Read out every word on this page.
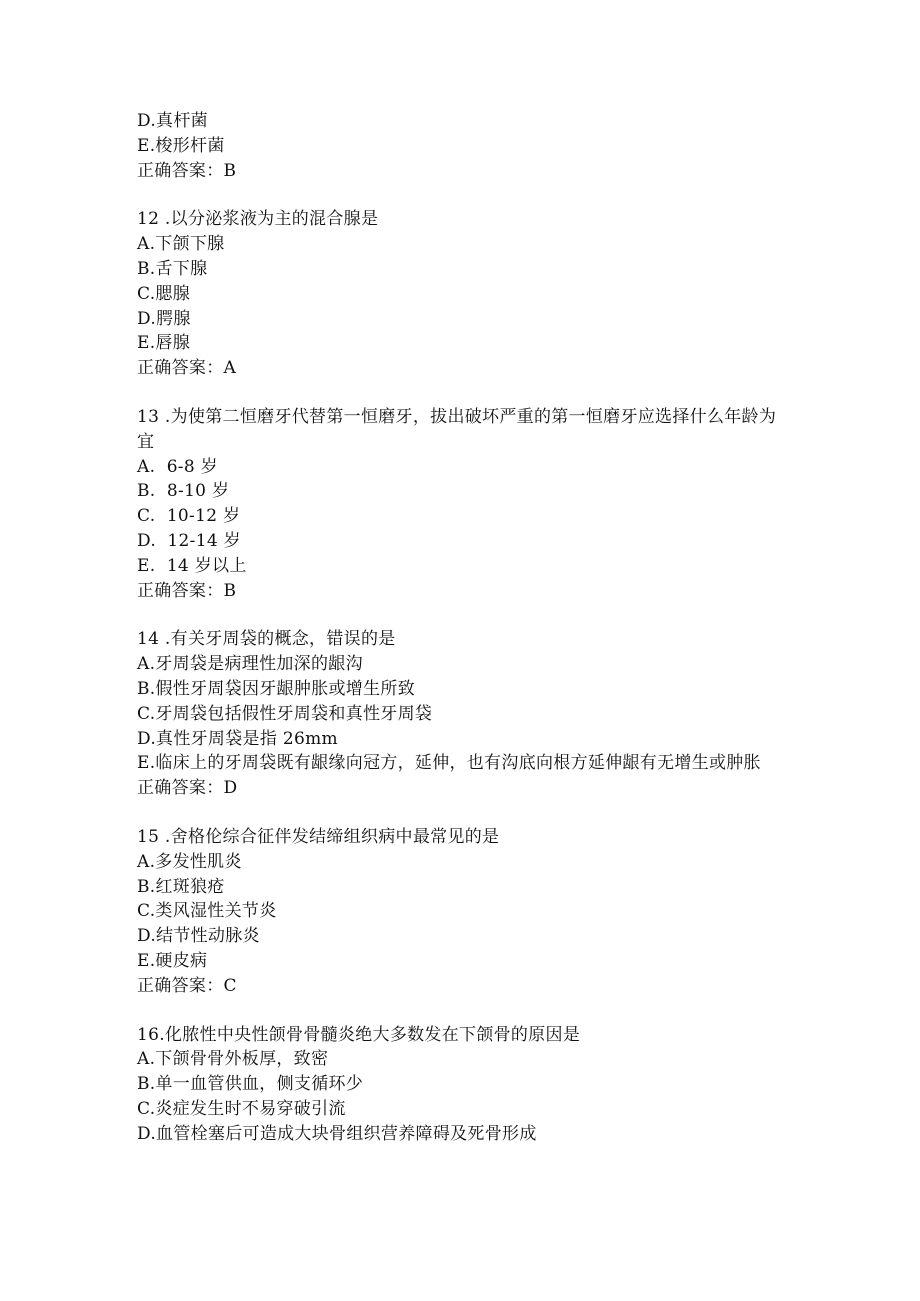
D.真杆菌
E.梭形杆菌
正确答案：B
12 .以分泌浆液为主的混合腺是
A.下颌下腺
B.舌下腺
C.腮腺
D.腭腺
E.唇腺
正确答案：A
13 .为使第二恒磨牙代替第一恒磨牙，拔出破坏严重的第一恒磨牙应选择什么年龄为宜
A.  6-8 岁
B.  8-10 岁
C.  10-12 岁
D.  12-14 岁
E.  14 岁以上
正确答案：B
14 .有关牙周袋的概念，错误的是
A.牙周袋是病理性加深的龈沟
B.假性牙周袋因牙龈肿胀或增生所致
C.牙周袋包括假性牙周袋和真性牙周袋
D.真性牙周袋是指 26mm
E.临床上的牙周袋既有龈缘向冠方，延伸，也有沟底向根方延伸龈有无增生或肿胀
正确答案：D
15 .舍格伦综合征伴发结缔组织病中最常见的是
A.多发性肌炎
B.红斑狼疮
C.类风湿性关节炎
D.结节性动脉炎
E.硬皮病
正确答案：C
16.化脓性中央性颌骨骨髓炎绝大多数发在下颌骨的原因是
A.下颌骨骨外板厚，致密
B.单一血管供血，侧支循环少
C.炎症发生时不易穿破引流
D.血管栓塞后可造成大块骨组织营养障碍及死骨形成
